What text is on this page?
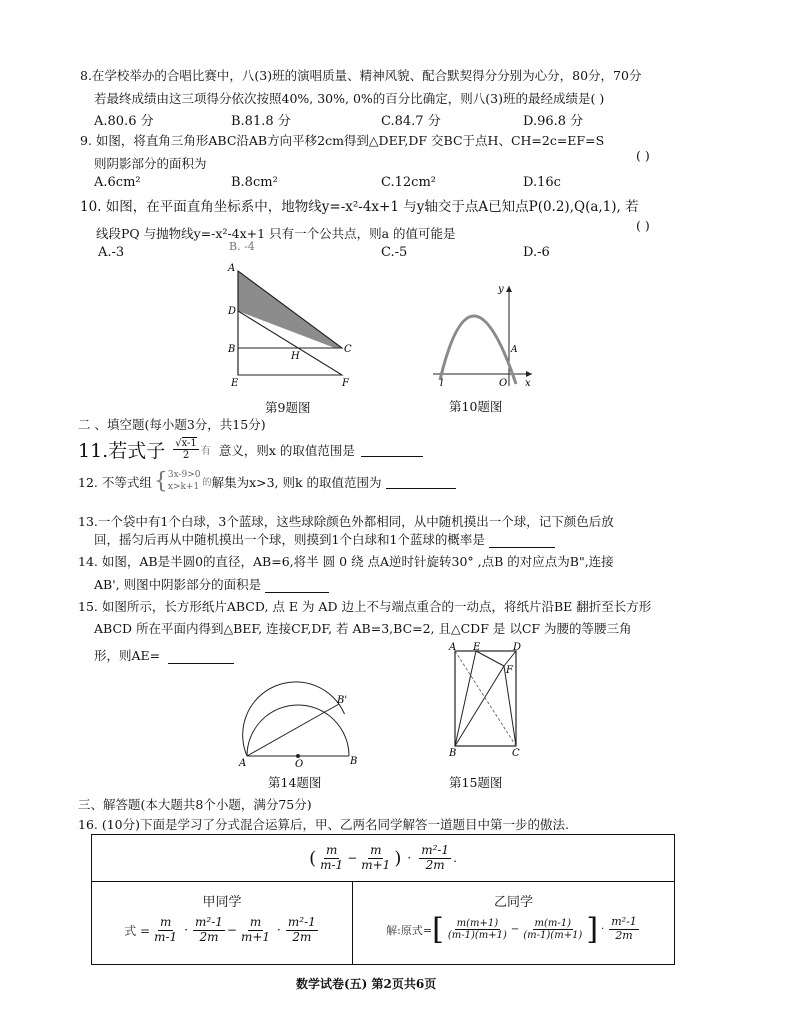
8.在学校举办的合唱比赛中，八(3)班的演唱质量、精神风貌、配合默契得分分别为心分，80分，70分
若最终成绩由这三项得分依次按照40%, 30%, 0%的百分比确定，则八(3)班的最经成绩是( )
A.80.6 分	B.81.8 分	C.84.7 分	D.96.8 分
9. 如图，将直角三角形ABC沿AB方向平移2cm得到△DEF,DF 交BC于点H、CH=2c=EF=S
则阴影部分的面积为
( )
A.6cm²	B.8cm²	C.12cm²	D.16c
10. 如图，在平面直角坐标系中，地物线y=-x²-4x+1 与y轴交于点A已知点P(0.2),Q(a,1), 若
线段PQ 与抛物线y=-x²-4x+1 只有一个公共点，则a 的值可能是
( )
B. -4
A.-3	C.-5	D.-6
A
D
B
H
C
E	F
第9题图
y
A
l	O x
第10题图
二 、填空题(每小题3分，共15分)
11.若式子 $\frac{√x-1}{2}$ 有 意义，则x 的取值范围是
12. 不等式组 { 3x-9>0
x>k+1 的 解集为x>3, 则k 的取值范围为
13.一个袋中有1个白球，3个蓝球，这些球除颜色外都相同，从中随机摸出一个球，记下颜色后放
回，摇匀后再从中随机摸出一个球，则摸到1个白球和1个蓝球的概率是
14. 如图，AB是半圆0的直径，AB=6,将半 圆 0 绕 点A逆时针旋转30° ,点B 的对应点为B",连接
AB', 则图中阴影部分的面积是
15. 如图所示，长方形纸片ABCD, 点 E 为 AD 边上不与端点重合的一动点，将纸片沿BE 翻折至长方形
ABCD 所在平面内得到△BEF, 连接CF,DF, 若 AB=3,BC=2, 且△CDF 是 以CF 为腰的等腰三角
形，则AE=
B'
A	O	B
第14题图
A E	D
F
B	C
第15题图
三、解答题(本大题共8个小题，满分75分)
16. (10分)下面是学习了分式混合运算后，甲、乙两名同学解答一道题目中第一步的傲法.
( $\frac{m}{m-1} - \frac{m}{m+1}$ ) · $\frac{\text{m²-1}}{2m}$ .

甲同学
式 = $\frac{m}{m-1} \cdot \frac{\text{m²-1}}{2m} - \frac{m}{m+1} \cdot \frac{\text{m²-1}}{2m}$

乙同学
解:原式= [ $\frac{m(m+1)}{(m-1)(m+1)} - \frac{m(m-1)}{(m-1)(m+1)}$ ] · $\frac{\text{m²-1}}{2m}$
数学试卷(五) 第2页共6页
